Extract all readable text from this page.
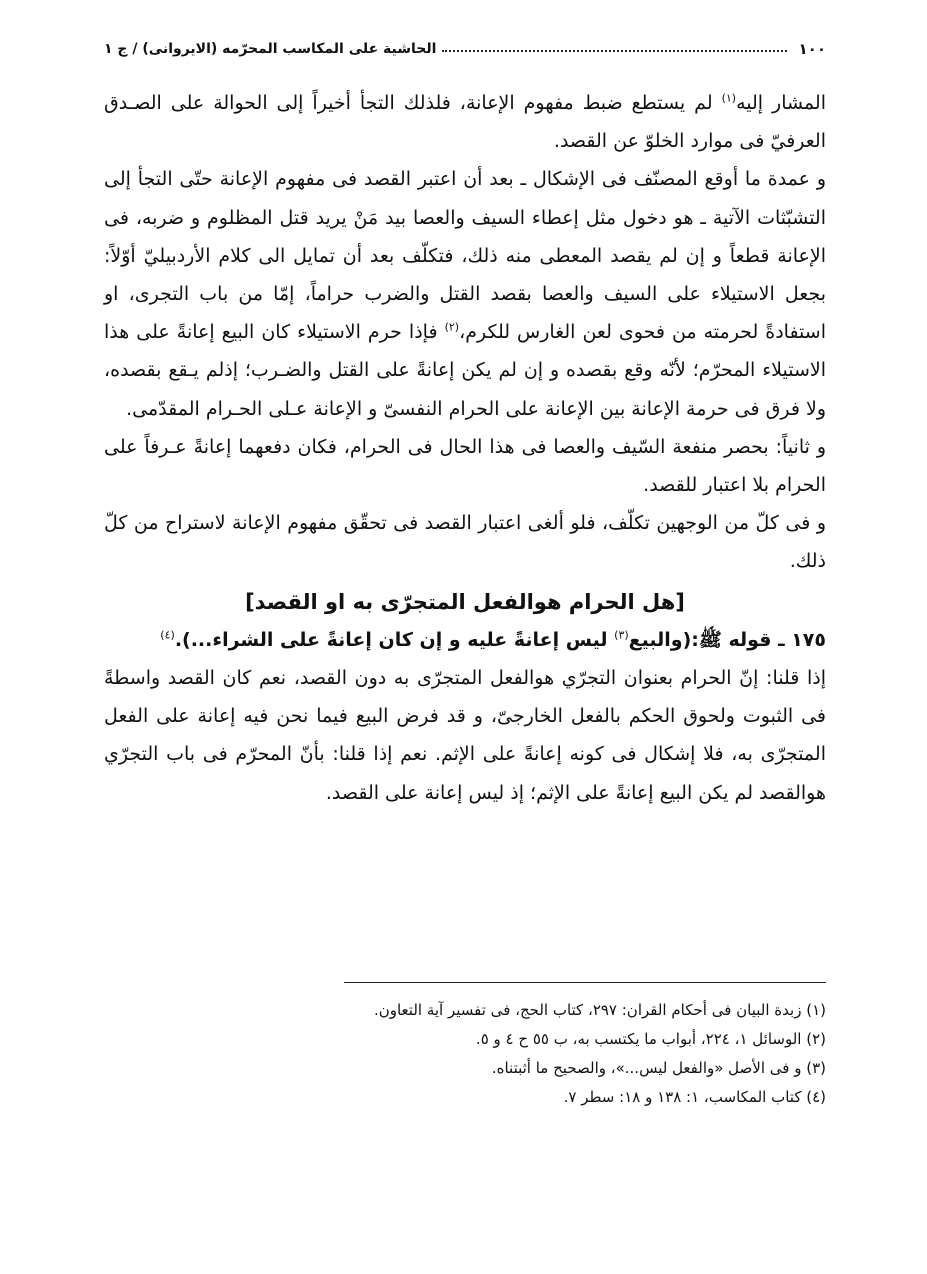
١٠٠
الحاشية على المكاسب المحرّمه (الايروانى) / ج ١

المشار إليه$^{(١)}$ لم يستطع ضبط مفهوم الإعانة، فلذلك التجأ أخيراً إلى الحوالة على الصـدق العرفيّ فى موارد الخلوّ عن القصد.

و عمدة ما أوقع المصنّف فى الإشكال ـ بعد أن اعتبر القصد فى مفهوم الإعانة حتّى التجأ إلى التشبّثات الآتية ـ هو دخول مثل إعطاء السيف والعصا بيد مَنْ يريد قتل المظلوم و ضربه، فى الإعانة قطعاً و إن لم يقصد المعطى منه ذلك، فتكلّف بعد أن تمايل الى كلام الأردبيليّ أوّلاً: بجعل الاستيلاء على السيف والعصا بقصد القتل والضرب حراماً، إمّا من باب التجرى، او استفادةً لحرمته من فحوى لعن الغارس للكرم،$^{(٢)}$ فإذا حرم الاستيلاء كان البيع إعانةً على هذا الاستيلاء المحرّم؛ لأنّه وقع بقصده و إن لم يكن إعانةً على القتل والضـرب؛ إذلم يـقع بقصده، ولا فرق فى حرمة الإعانة بين الإعانة على الحرام النفسىّ و الإعانة عـلى الحـرام المقدّمى.

و ثانياً: بحصر منفعة السّيف والعصا فى هذا الحال فى الحرام، فكان دفعهما إعانةً عـرفاً على الحرام بلا اعتبار للقصد.

و فى كلّ من الوجهين تكلّف، فلو ألغى اعتبار القصد فى تحقّق مفهوم الإعانة لاستراح من كلّ ذلك.

[هل الحرام هوالفعل المتجرّى به او القصد]

١٧٥ ـ قوله ﷺ:(والبيع$^{(٣)}$ ليس إعانةً عليه و إن كان إعانةً على الشراء...).$^{(٤)}$

إذا قلنا: إنّ الحرام بعنوان التجرّي هوالفعل المتجرّى به دون القصد، نعم كان القصد واسطةً فى الثبوت ولحوق الحكم بالفعل الخارجىّ، و قد فرض البيع فيما نحن فيه إعانة على الفعل المتجرّى به، فلا إشكال فى كونه إعانةً على الإثم. نعم إذا قلنا: بأنّ المحرّم فى باب التجرّي هوالقصد لم يكن البيع إعانةً على الإثم؛ إذ ليس إعانة على القصد.

(١) زبدة البيان فى أحكام القران: ٢٩٧، كتاب الحج، فى تفسير آية التعاون.

(٢) الوسائل ١، ٢٢٤، أبواب ما يكتسب به، ب ٥٥ ح ٤ و ٥.

(٣) و فى الأصل «والفعل ليس...»، والصحيح ما أثبتناه.

(٤) كتاب المكاسب، ١: ١٣٨ و ١٨: سطر ٧.
